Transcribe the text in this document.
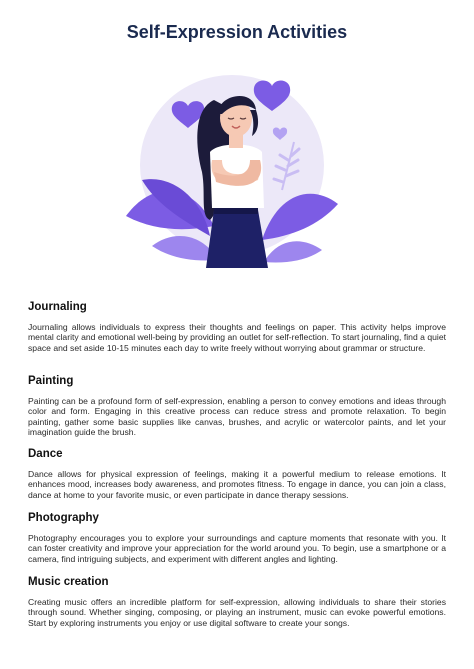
Self-Expression Activities
Journaling

Journaling allows individuals to express their thoughts and feelings on paper. This activity helps improve mental clarity and emotional well-being by providing an outlet for self-reflection. To start journaling, find a quiet space and set aside 10-15 minutes each day to write freely without worrying about grammar or structure.

Painting

Painting can be a profound form of self-expression, enabling a person to convey emotions and ideas through color and form. Engaging in this creative process can reduce stress and promote relaxation. To begin painting, gather some basic supplies like canvas, brushes, and acrylic or watercolor paints, and let your imagination guide the brush.

Dance

Dance allows for physical expression of feelings, making it a powerful medium to release emotions. It enhances mood, increases body awareness, and promotes fitness. To engage in dance, you can join a class, dance at home to your favorite music, or even participate in dance therapy sessions.

Photography

Photography encourages you to explore your surroundings and capture moments that resonate with you. It can foster creativity and improve your appreciation for the world around you. To begin, use a smartphone or a camera, find intriguing subjects, and experiment with different angles and lighting.

Music creation

Creating music offers an incredible platform for self-expression, allowing individuals to share their stories through sound. Whether singing, composing, or playing an instrument, music can evoke powerful emotions. Start by exploring instruments you enjoy or use digital software to create your songs.
